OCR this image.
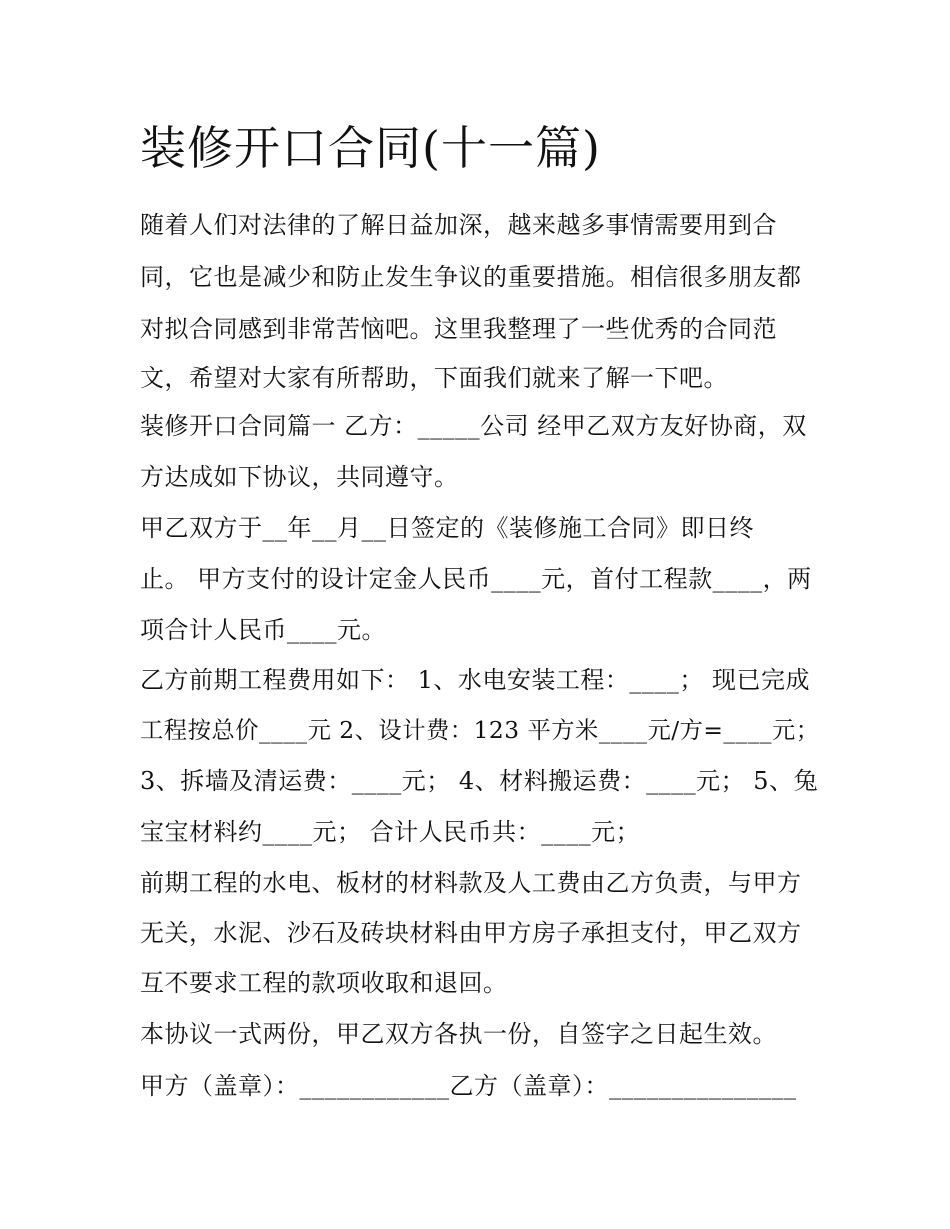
装修开口合同(十一篇)
随着人们对法律的了解日益加深，越来越多事情需要用到合
同，它也是减少和防止发生争议的重要措施。相信很多朋友都
对拟合同感到非常苦恼吧。这里我整理了一些优秀的合同范
文，希望对大家有所帮助，下面我们就来了解一下吧。
装修开口合同篇一 乙方：_____公司 经甲乙双方友好协商，双
方达成如下协议，共同遵守。
甲乙双方于__年__月__日签定的《装修施工合同》即日终
止。 甲方支付的设计定金人民币____元，首付工程款____，两
项合计人民币____元。
乙方前期工程费用如下： 1、水电安装工程：____； 现已完成
工程按总价____元 2、设计费：123 平方米____元/方=____元；
3、拆墙及清运费：____元； 4、材料搬运费：____元； 5、兔
宝宝材料约____元； 合计人民币共：____元；
前期工程的水电、板材的材料款及人工费由乙方负责，与甲方
无关，水泥、沙石及砖块材料由甲方房子承担支付，甲乙双方
互不要求工程的款项收取和退回。
本协议一式两份，甲乙双方各执一份，自签字之日起生效。
甲方（盖章）：____________乙方（盖章）：_______________
